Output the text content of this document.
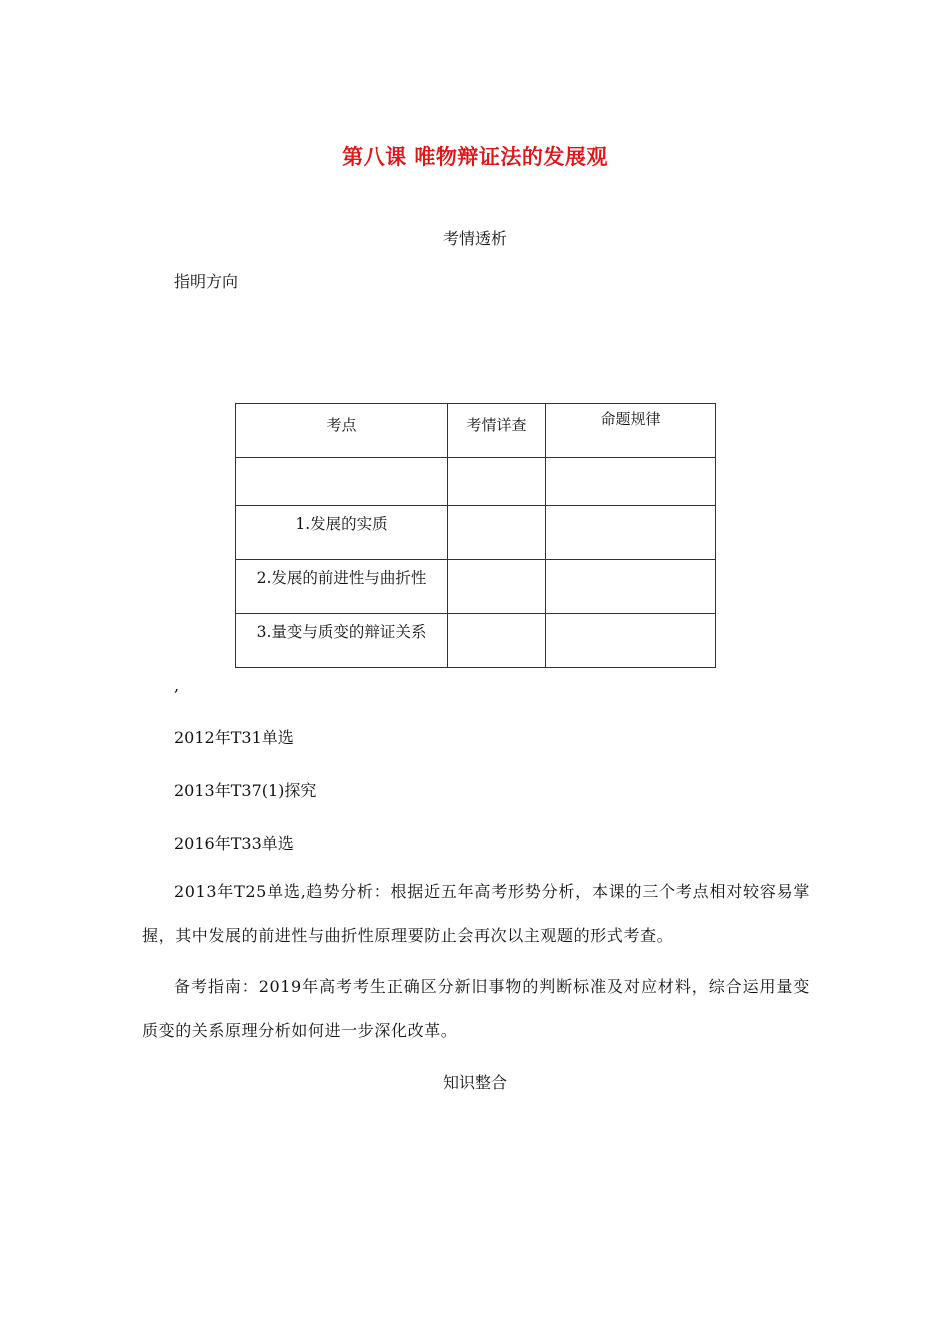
第八课 唯物辩证法的发展观
考情透析
指明方向
考点	考情详查	命题规律

1.发展的实质		

2.发展的前进性与曲折性		

3.量变与质变的辩证关系		

,
2012年T31单选
2013年T37(1)探究
2016年T33单选
2013年T25单选,趋势分析：根据近五年高考形势分析，本课的三个考点相对较容易掌握，其中发展的前进性与曲折性原理要防止会再次以主观题的形式考查。
备考指南：2019年高考考生正确区分新旧事物的判断标准及对应材料，综合运用量变质变的关系原理分析如何进一步深化改革。
知识整合
